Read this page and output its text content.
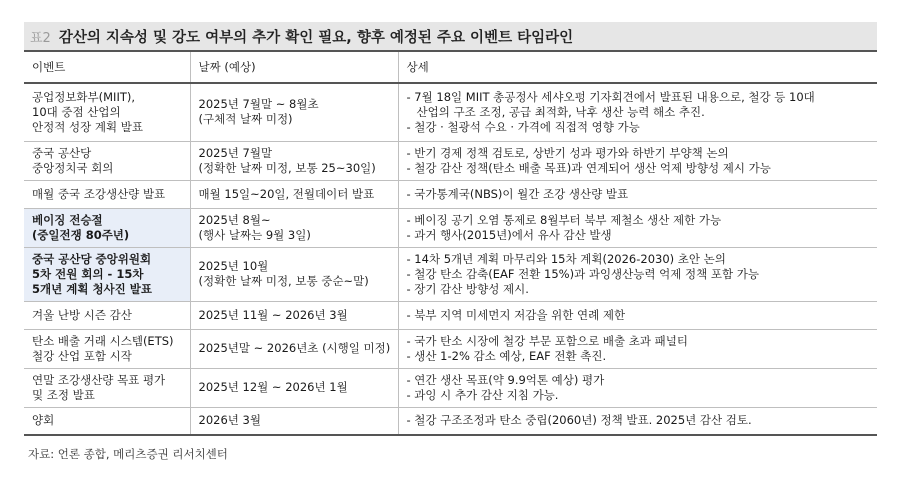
표2 감산의 지속성 및 강도 여부의 추가 확인 필요, 향후 예정된 주요 이벤트 타임라인
이벤트	날짜 (예상)	상세

공업정보화부(MIIT),
10대 중점 산업의
안정적 성장 계획 발표	2025년 7월말 ~ 8월초
(구체적 날짜 미정)	- 7월 18일 MIIT 총공정사 세샤오펑 기자회견에서 발표된 내용으로, 철강 등 10대
산업의 구조 조정, 공급 최적화, 낙후 생산 능력 해소 추진.
- 철강 · 철광석 수요 · 가격에 직접적 영향 가능

중국 공산당
중앙정치국 회의	2025년 7월말
(정확한 날짜 미정, 보통 25~30일)	- 반기 경제 정책 검토로, 상반기 성과 평가와 하반기 부양책 논의
- 철강 감산 정책(탄소 배출 목표)과 연계되어 생산 억제 방향성 제시 가능

매월 중국 조강생산량 발표	매월 15일~20일, 전월데이터 발표	- 국가통계국(NBS)이 월간 조강 생산량 발표

베이징 전승절
(중일전쟁 80주년)	2025년 8월~
(행사 날짜는 9월 3일)	- 베이징 공기 오염 통제로 8월부터 북부 제철소 생산 제한 가능
- 과거 행사(2015년)에서 유사 감산 발생

중국 공산당 중앙위원회
5차 전원 회의 - 15차
5개년 계획 청사진 발표	2025년 10월
(정확한 날짜 미정, 보통 중순~말)	- 14차 5개년 계획 마무리와 15차 계획(2026-2030) 초안 논의
- 철강 탄소 감축(EAF 전환 15%)과 과잉생산능력 억제 정책 포함 가능
- 장기 감산 방향성 제시.

겨울 난방 시즌 감산	2025년 11월 ~ 2026년 3월	- 북부 지역 미세먼지 저감을 위한 연례 제한

탄소 배출 거래 시스템(ETS)
철강 산업 포함 시작	2025년말 ~ 2026년초 (시행일 미정)	- 국가 탄소 시장에 철강 부문 포함으로 배출 초과 패널티
- 생산 1-2% 감소 예상, EAF 전환 촉진.

연말 조강생산량 목표 평가
및 조정 발표	2025년 12월 ~ 2026년 1월	- 연간 생산 목표(약 9.9억톤 예상) 평가
- 과잉 시 추가 감산 지침 가능.

양회	2026년 3월	- 철강 구조조정과 탄소 중립(2060년) 정책 발표. 2025년 감산 검토.
자료: 언론 종합, 메리츠증권 리서치센터
